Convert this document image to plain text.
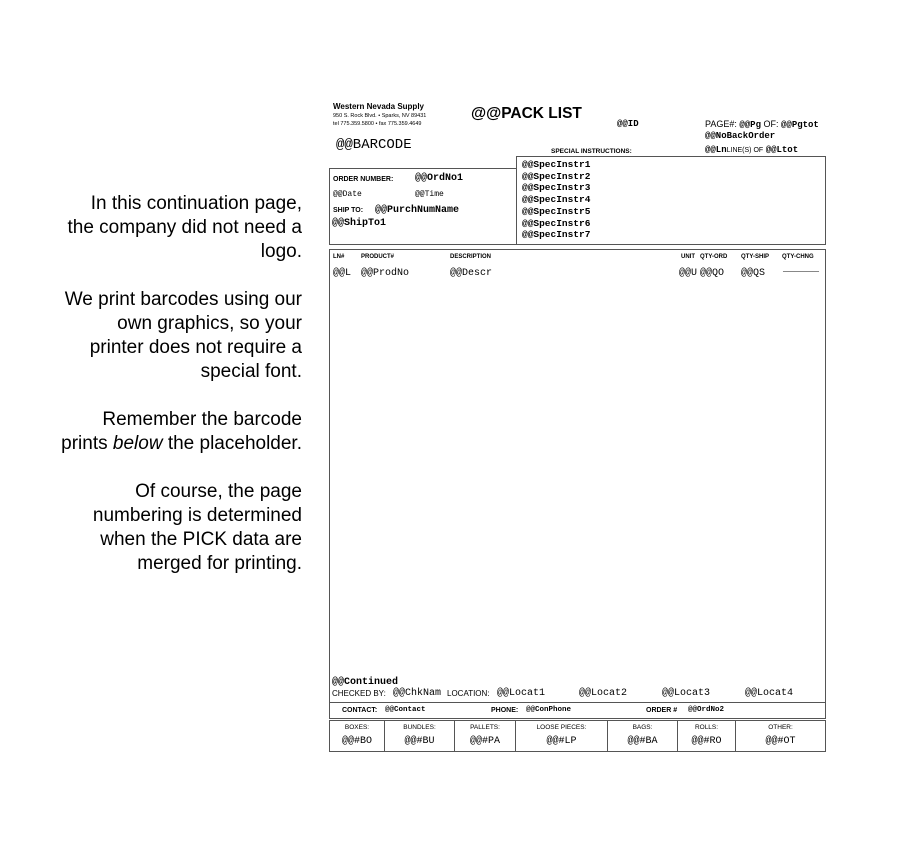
In this continuation page, the company did not need a logo.

We print barcodes using our own graphics, so your printer does not require a special font.

Remember the barcode prints below the placeholder.

Of course, the page numbering is determined when the PICK data are merged for printing.

Western Nevada Supply
950 S. Rock Blvd. • Sparks, NV 89431
tel 775.359.5800 • fax 775.359.4649
@@PACK LIST
@@ID	PAGE#: @@Pg OF: @@Pgtot
@@NoBackOrder
@@LnLINE(S) OF @@Ltot
@@BARCODE	SPECIAL INSTRUCTIONS:
ORDER NUMBER: @@OrdNo1
@@Date	@@Time
SHIP TO: @@PurchNumName
@@ShipTo1
@@SpecInstr1
@@SpecInstr2
@@SpecInstr3
@@SpecInstr4
@@SpecInstr5
@@SpecInstr6
@@SpecInstr7
LN#	PRODUCT#	DESCRIPTION	UNIT QTY-ORD QTY-SHIP QTY-CHNG
@@L @@ProdNo	@@Descr	@@U @@QO @@QS ______
@@Continued
CHECKED BY: @@ChkNam LOCATION: @@Locat1	@@Locat2	@@Locat3	@@Locat4
CONTACT: @@Contact	PHONE: @@ConPhone	ORDER # @@OrdNo2
BOXES:
@@#BO
BUNDLES:
@@#BU
PALLETS:
@@#PA
LOOSE PIECES:
@@#LP
BAGS:
@@#BA
ROLLS:
@@#RO
OTHER:
@@#OT
